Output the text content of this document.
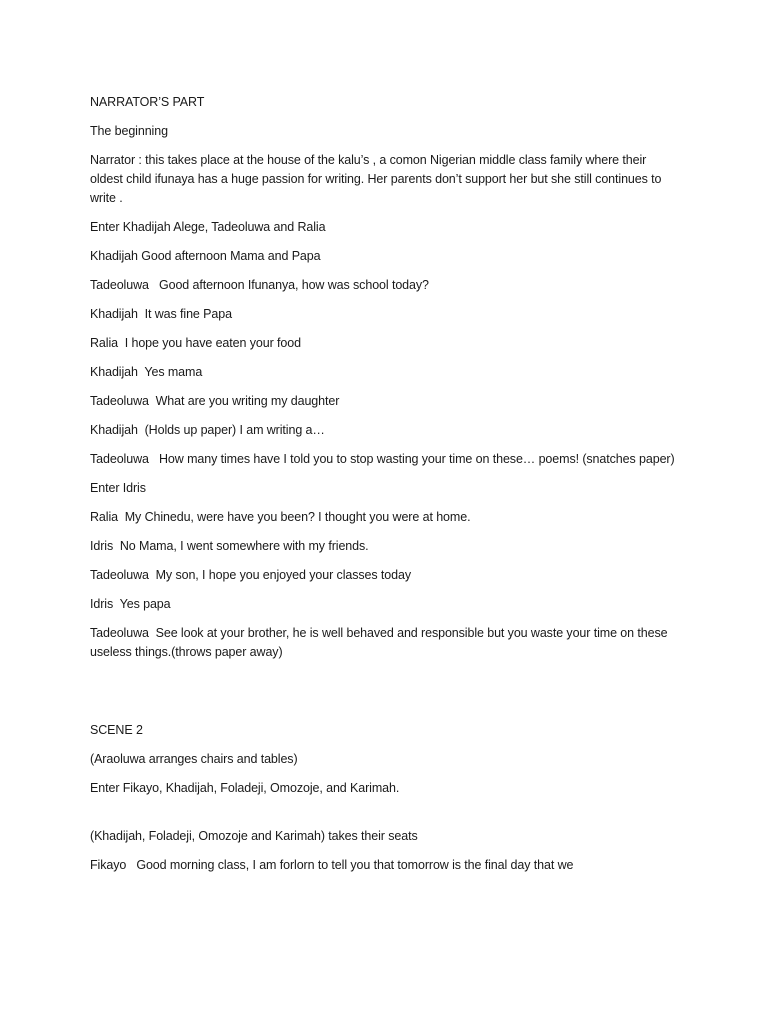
NARRATOR’S PART

The beginning

Narrator : this takes place at the house of the kalu’s , a comon Nigerian middle class family where their oldest child ifunaya has a huge passion for writing. Her parents don’t support her but she still continues to write .

Enter Khadijah Alege, Tadeoluwa and Ralia

Khadijah Good afternoon Mama and Papa

Tadeoluwa   Good afternoon Ifunanya, how was school today?

Khadijah  It was fine Papa

Ralia  I hope you have eaten your food

Khadijah  Yes mama

Tadeoluwa  What are you writing my daughter

Khadijah  (Holds up paper) I am writing a…

Tadeoluwa   How many times have I told you to stop wasting your time on these… poems! (snatches paper)

Enter Idris

Ralia  My Chinedu, were have you been? I thought you were at home.

Idris  No Mama, I went somewhere with my friends.

Tadeoluwa  My son, I hope you enjoyed your classes today

Idris  Yes papa

Tadeoluwa  See look at your brother, he is well behaved and responsible but you waste your time on these useless things.(throws paper away)

SCENE 2

(Araoluwa arranges chairs and tables)

Enter Fikayo, Khadijah, Foladeji, Omozoje, and Karimah.

(Khadijah, Foladeji, Omozoje and Karimah) takes their seats

Fikayo   Good morning class, I am forlorn to tell you that tomorrow is the final day that we
